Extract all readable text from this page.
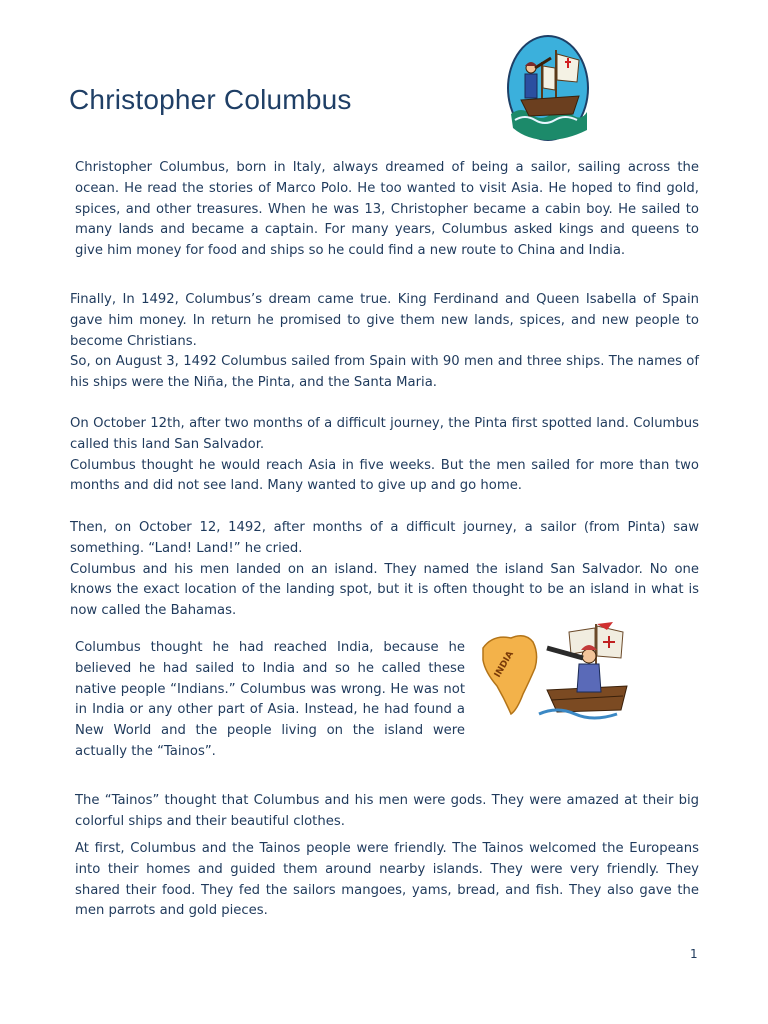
Christopher Columbus

Christopher Columbus, born in Italy, always dreamed of being a sailor, sailing across the ocean. He read the stories of Marco Polo. He too wanted to visit Asia. He hoped to find gold, spices, and other treasures. When he was 13, Christopher became a cabin boy. He sailed to many lands and became a captain. For many years, Columbus asked kings and queens to give him money for food and ships so he could find a new route to China and India.

Finally, In 1492, Columbus’s dream came true. King Ferdinand and Queen Isabella of Spain gave him money. In return he promised to give them new lands, spices, and new people to become Christians.
So, on August 3, 1492 Columbus sailed from Spain with 90 men and three ships. The names of his ships were the Niña, the Pinta, and the Santa Maria.
On October 12th, after two months of a difficult journey, the Pinta first spotted land. Columbus called this land San Salvador.
Columbus thought he would reach Asia in five weeks. But the men sailed for more than two months and did not see land. Many wanted to give up and go home.
Then, on October 12, 1492, after months of a difficult journey, a sailor (from Pinta) saw something. “Land! Land!” he cried.
Columbus and his men landed on an island. They named the island San Salvador. No one knows the exact location of the landing spot, but it is often thought to be an island in what is now called the Bahamas.

Columbus thought he had reached India, because he believed he had sailed to India and so he called these native people “Indians.” Columbus was wrong. He was not in India or any other part of Asia. Instead, he had found a New World and the people living on the island were actually the “Tainos”.

INDIA

The “Tainos” thought that Columbus and his men were gods. They were amazed at their big colorful ships and their beautiful clothes.

At first, Columbus and the Tainos people were friendly. The Tainos welcomed the Europeans into their homes and guided them around nearby islands. They were very friendly. They shared their food. They fed the sailors mangoes, yams, bread, and fish. They also gave the men parrots and gold pieces.

1
